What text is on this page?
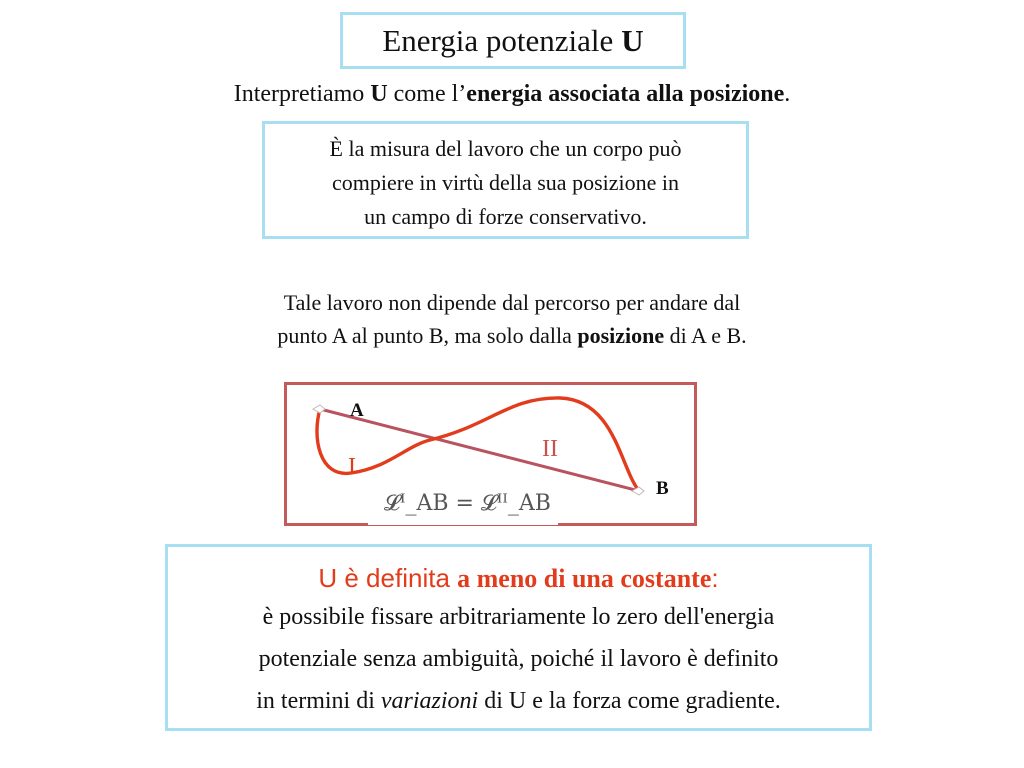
Energia potenziale U
Interpretiamo U come l’energia associata alla posizione.
È la misura del lavoro che un corpo può
compiere in virtù della sua posizione in
un campo di forze conservativo.
Tale lavoro non dipende dal percorso per andare dal
punto A al punto B, ma solo dalla posizione di A e B.
A
B
I
II
𝓛ᴵ_AB = 𝓛ᴵᴵ_AB
U è definita a meno di una costante:
è possibile fissare arbitrariamente lo zero dell'energia
potenziale senza ambiguità, poiché il lavoro è definito
in termini di variazioni di U e la forza come gradiente.
